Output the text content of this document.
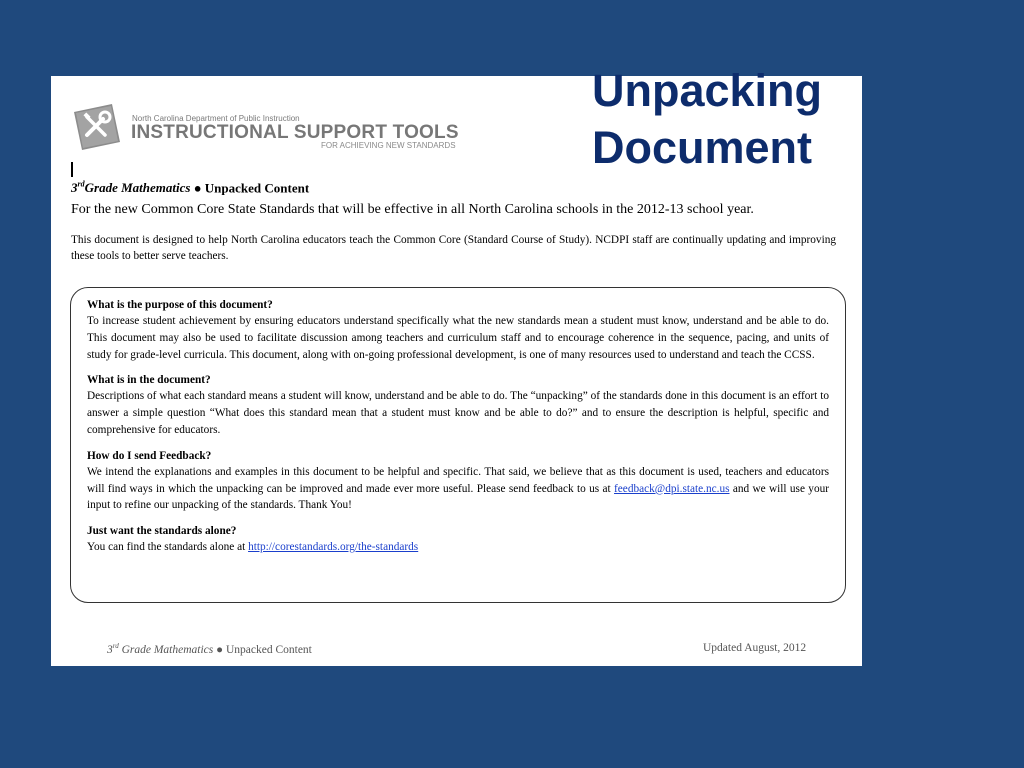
North Carolina Department of Public Instruction
INSTRUCTIONAL SUPPORT TOOLS
FOR ACHIEVING NEW STANDARDS
3rdGrade Mathematics ● Unpacked Content
For the new Common Core State Standards that will be effective in all North Carolina schools in the 2012-13 school year.
This document is designed to help North Carolina educators teach the Common Core (Standard Course of Study). NCDPI staff are continually updating and improving these tools to better serve teachers.
What is the purpose of this document?
To increase student achievement by ensuring educators understand specifically what the new standards mean a student must know, understand and be able to do. This document may also be used to facilitate discussion among teachers and curriculum staff and to encourage coherence in the sequence, pacing, and units of study for grade-level curricula. This document, along with on-going professional development, is one of many resources used to understand and teach the CCSS.
What is in the document?
Descriptions of what each standard means a student will know, understand and be able to do. The “unpacking” of the standards done in this document is an effort to answer a simple question “What does this standard mean that a student must know and be able to do?” and to ensure the description is helpful, specific and comprehensive for educators.
How do I send Feedback?
We intend the explanations and examples in this document to be helpful and specific. That said, we believe that as this document is used, teachers and educators will find ways in which the unpacking can be improved and made ever more useful. Please send feedback to us at feedback@dpi.state.nc.us and we will use your input to refine our unpacking of the standards. Thank You!
Just want the standards alone?
You can find the standards alone at http://corestandards.org/the-standards
3rd Grade Mathematics ● Unpacked Content	Updated August, 2012
Unpacking
Document
